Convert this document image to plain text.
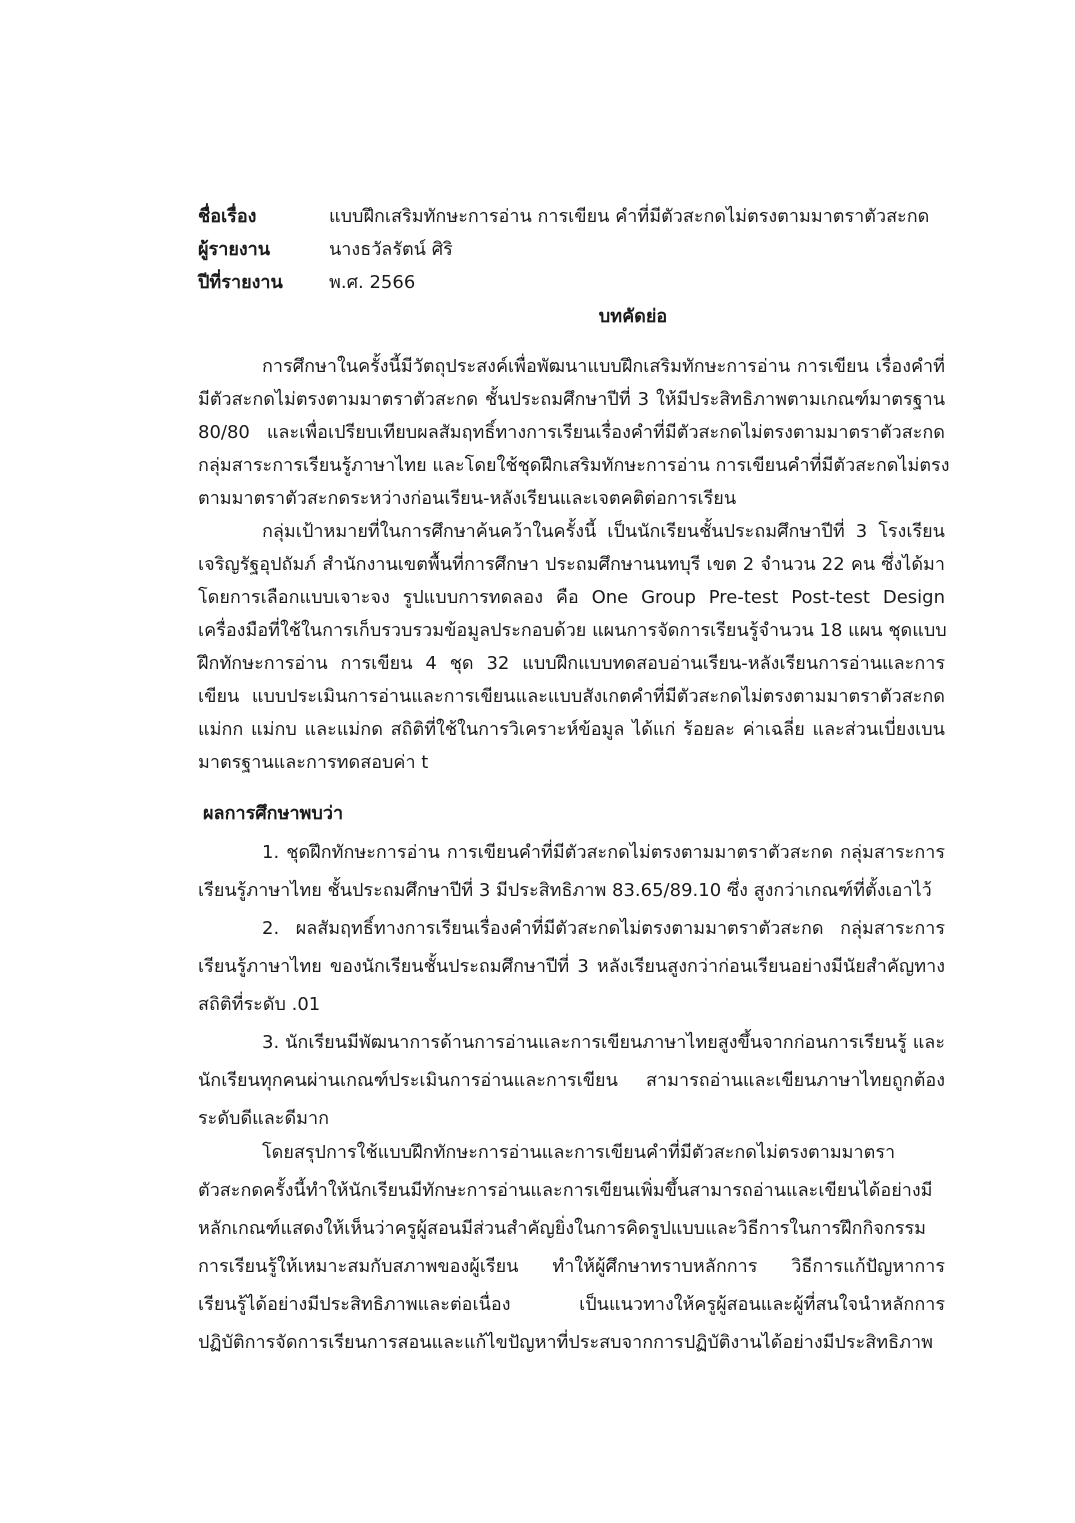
ชื่อเรื่อง	แบบฝึกเสริมทักษะการอ่าน การเขียน คำที่มีตัวสะกดไม่ตรงตามมาตราตัวสะกด
ผู้รายงาน	นางธวัลรัตน์ ศิริ
ปีที่รายงาน	พ.ศ. 2566
บทคัดย่อ
การศึกษาในครั้งนี้มีวัตถุประสงค์เพื่อพัฒนาแบบฝึกเสริมทักษะการอ่าน การเขียน เรื่องคำที่
มีตัวสะกดไม่ตรงตามมาตราตัวสะกด ชั้นประถมศึกษาปีที่ 3 ให้มีประสิทธิภาพตามเกณฑ์มาตรฐาน
80/80 และเพื่อเปรียบเทียบผลสัมฤทธิ์ทางการเรียนเรื่องคำที่มีตัวสะกดไม่ตรงตามมาตราตัวสะกด
กลุ่มสาระการเรียนรู้ภาษาไทย และโดยใช้ชุดฝึกเสริมทักษะการอ่าน การเขียนคำที่มีตัวสะกดไม่ตรง
ตามมาตราตัวสะกดระหว่างก่อนเรียน-หลังเรียนและเจตคติต่อการเรียน
กลุ่มเป้าหมายที่ในการศึกษาค้นคว้าในครั้งนี้ เป็นนักเรียนชั้นประถมศึกษาปีที่ 3 โรงเรียน
เจริญรัฐอุปถัมภ์ สำนักงานเขตพื้นที่การศึกษา ประถมศึกษานนทบุรี เขต 2 จำนวน 22 คน ซึ่งได้มา
โดยการเลือกแบบเจาะจง รูปแบบการทดลอง คือ One Group Pre-test Post-test Design
เครื่องมือที่ใช้ในการเก็บรวบรวมข้อมูลประกอบด้วย แผนการจัดการเรียนรู้จำนวน 18 แผน ชุดแบบ
ฝึกทักษะการอ่าน การเขียน 4 ชุด 32 แบบฝึกแบบทดสอบอ่านเรียน-หลังเรียนการอ่านและการ
เขียน แบบประเมินการอ่านและการเขียนและแบบสังเกตคำที่มีตัวสะกดไม่ตรงตามมาตราตัวสะกด
แม่กก แม่กบ และแม่กด สถิติที่ใช้ในการวิเคราะห์ข้อมูล ได้แก่ ร้อยละ ค่าเฉลี่ย และส่วนเบี่ยงเบน
มาตรฐานและการทดสอบค่า t
ผลการศึกษาพบว่า
1. ชุดฝึกทักษะการอ่าน การเขียนคำที่มีตัวสะกดไม่ตรงตามมาตราตัวสะกด กลุ่มสาระการ
เรียนรู้ภาษาไทย ชั้นประถมศึกษาปีที่ 3 มีประสิทธิภาพ 83.65/89.10 ซึ่ง สูงกว่าเกณฑ์ที่ตั้งเอาไว้
2. ผลสัมฤทธิ์ทางการเรียนเรื่องคำที่มีตัวสะกดไม่ตรงตามมาตราตัวสะกด กลุ่มสาระการ
เรียนรู้ภาษาไทย ของนักเรียนชั้นประถมศึกษาปีที่ 3 หลังเรียนสูงกว่าก่อนเรียนอย่างมีนัยสำคัญทาง
สถิติที่ระดับ .01
3. นักเรียนมีพัฒนาการด้านการอ่านและการเขียนภาษาไทยสูงขึ้นจากก่อนการเรียนรู้ และ
นักเรียนทุกคนผ่านเกณฑ์ประเมินการอ่านและการเขียน สามารถอ่านและเขียนภาษาไทยถูกต้อง
ระดับดีและดีมาก
โดยสรุปการใช้แบบฝึกทักษะการอ่านและการเขียนคำที่มีตัวสะกดไม่ตรงตามมาตรา
ตัวสะกดครั้งนี้ทำให้นักเรียนมีทักษะการอ่านและการเขียนเพิ่มขึ้นสามารถอ่านและเขียนได้อย่างมี
หลักเกณฑ์แสดงให้เห็นว่าครูผู้สอนมีส่วนสำคัญยิ่งในการคิดรูปแบบและวิธีการในการฝึกกิจกรรม
การเรียนรู้ให้เหมาะสมกับสภาพของผู้เรียน ทำให้ผู้ศึกษาทราบหลักการ วิธีการแก้ปัญหาการ
เรียนรู้ได้อย่างมีประสิทธิภาพและต่อเนื่อง เป็นแนวทางให้ครูผู้สอนและผู้ที่สนใจนำหลักการ
ปฏิบัติการจัดการเรียนการสอนและแก้ไขปัญหาที่ประสบจากการปฏิบัติงานได้อย่างมีประสิทธิภาพ
